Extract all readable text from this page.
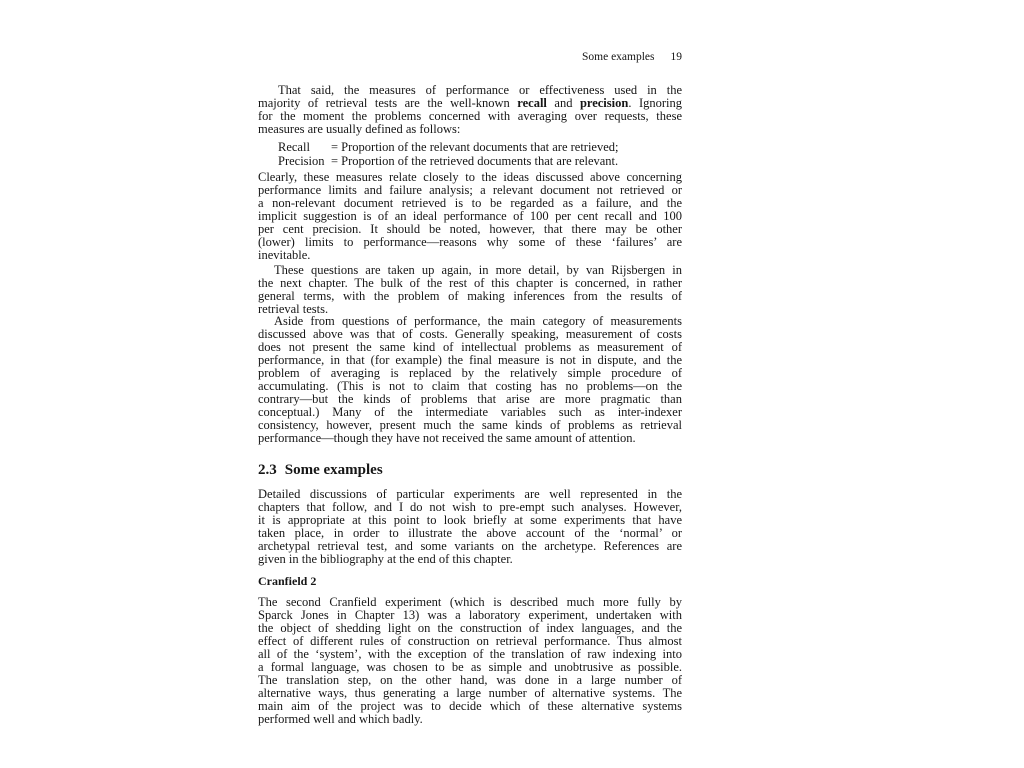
Some examples 19
That said, the measures of performance or effectiveness used in the
majority of retrieval tests are the well-known recall and precision. Ignoring
for the moment the problems concerned with averaging over requests, these
measures are usually defined as follows:
Recall = Proportion of the relevant documents that are retrieved;
Precision = Proportion of the retrieved documents that are relevant.
Clearly, these measures relate closely to the ideas discussed above concerning
performance limits and failure analysis; a relevant document not retrieved or
a non-relevant document retrieved is to be regarded as a failure, and the
implicit suggestion is of an ideal performance of 100 per cent recall and 100
per cent precision. It should be noted, however, that there may be other
(lower) limits to performance—reasons why some of these ‘failures’ are
inevitable.
These questions are taken up again, in more detail, by van Rijsbergen in
the next chapter. The bulk of the rest of this chapter is concerned, in rather
general terms, with the problem of making inferences from the results of
retrieval tests.
Aside from questions of performance, the main category of measurements
discussed above was that of costs. Generally speaking, measurement of costs
does not present the same kind of intellectual problems as measurement of
performance, in that (for example) the final measure is not in dispute, and the
problem of averaging is replaced by the relatively simple procedure of
accumulating. (This is not to claim that costing has no problems—on the
contrary—but the kinds of problems that arise are more pragmatic than
conceptual.) Many of the intermediate variables such as inter-indexer
consistency, however, present much the same kinds of problems as retrieval
performance—though they have not received the same amount of attention.
2.3 Some examples
Detailed discussions of particular experiments are well represented in the
chapters that follow, and I do not wish to pre-empt such analyses. However,
it is appropriate at this point to look briefly at some experiments that have
taken place, in order to illustrate the above account of the ‘normal’ or
archetypal retrieval test, and some variants on the archetype. References are
given in the bibliography at the end of this chapter.
Cranfield 2
The second Cranfield experiment (which is described much more fully by
Sparck Jones in Chapter 13) was a laboratory experiment, undertaken with
the object of shedding light on the construction of index languages, and the
effect of different rules of construction on retrieval performance. Thus almost
all of the ‘system’, with the exception of the translation of raw indexing into
a formal language, was chosen to be as simple and unobtrusive as possible.
The translation step, on the other hand, was done in a large number of
alternative ways, thus generating a large number of alternative systems. The
main aim of the project was to decide which of these alternative systems
performed well and which badly.
